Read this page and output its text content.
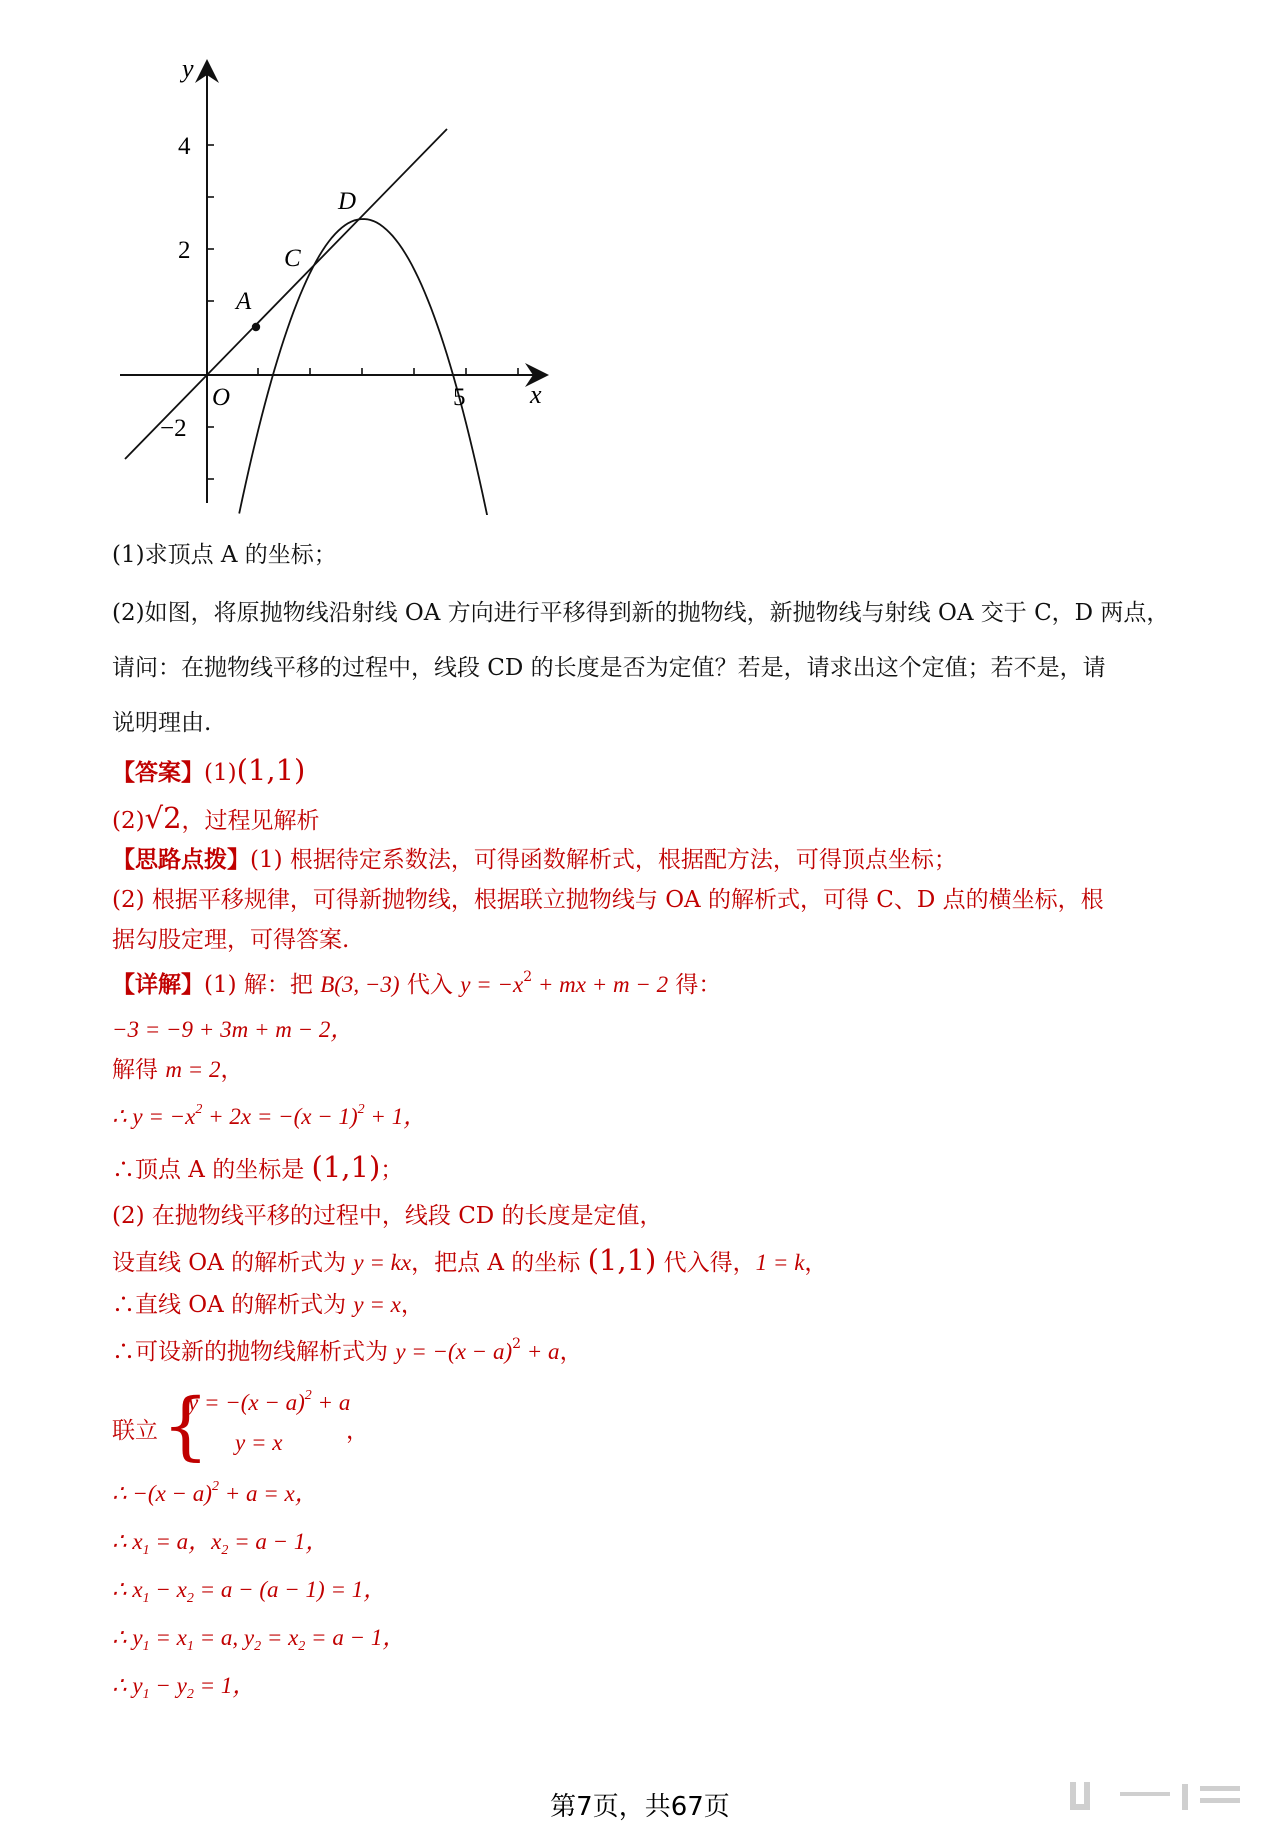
y
x
4
2
−2
5
O
A
C
D
(1)求顶点 A 的坐标；
(2)如图，将原抛物线沿射线 OA 方向进行平移得到新的抛物线，新抛物线与射线 OA 交于 C，D 两点，
请问：在抛物线平移的过程中，线段 CD 的长度是否为定值？若是，请求出这个定值；若不是，请
说明理由.
【答案】(1)(1,1)
(2)√2，过程见解析
【思路点拨】(1) 根据待定系数法，可得函数解析式，根据配方法，可得顶点坐标；
(2) 根据平移规律，可得新抛物线，根据联立抛物线与 OA 的解析式，可得 C、D 点的横坐标，根
据勾股定理，可得答案.
【详解】(1) 解：把 B(3, −3) 代入 $y = -x^2$ + mx + m − 2 得：
−3 = −9 + 3m + m − 2，
解得 m = 2，
∴ $y = -x^2 + 2x = -(x - 1)^2 + 1$，
∴顶点 A 的坐标是 (1,1)；
(2) 在抛物线平移的过程中，线段 CD 的长度是定值，
设直线 OA 的解析式为 y = kx，把点 A 的坐标 (1,1) 代入得，1 = k，
∴直线 OA 的解析式为 y = x，
∴可设新的抛物线解析式为 $y = -(x - a)^2 + a$，
联立 {
$y = -(x - a)^2 + a$
y = x	，
∴ $-(x - a)^2 + a = x$，
∴ $x_1 = a$，$x_2 = a - 1$，
∴ $x_1 - x_2 = a - (a - 1) = 1$，
∴ $y_1 = x_1 = a$, $y_2 = x_2 = a - 1$，
∴ $y_1 - y_2 = 1$，
第7页，共67页
